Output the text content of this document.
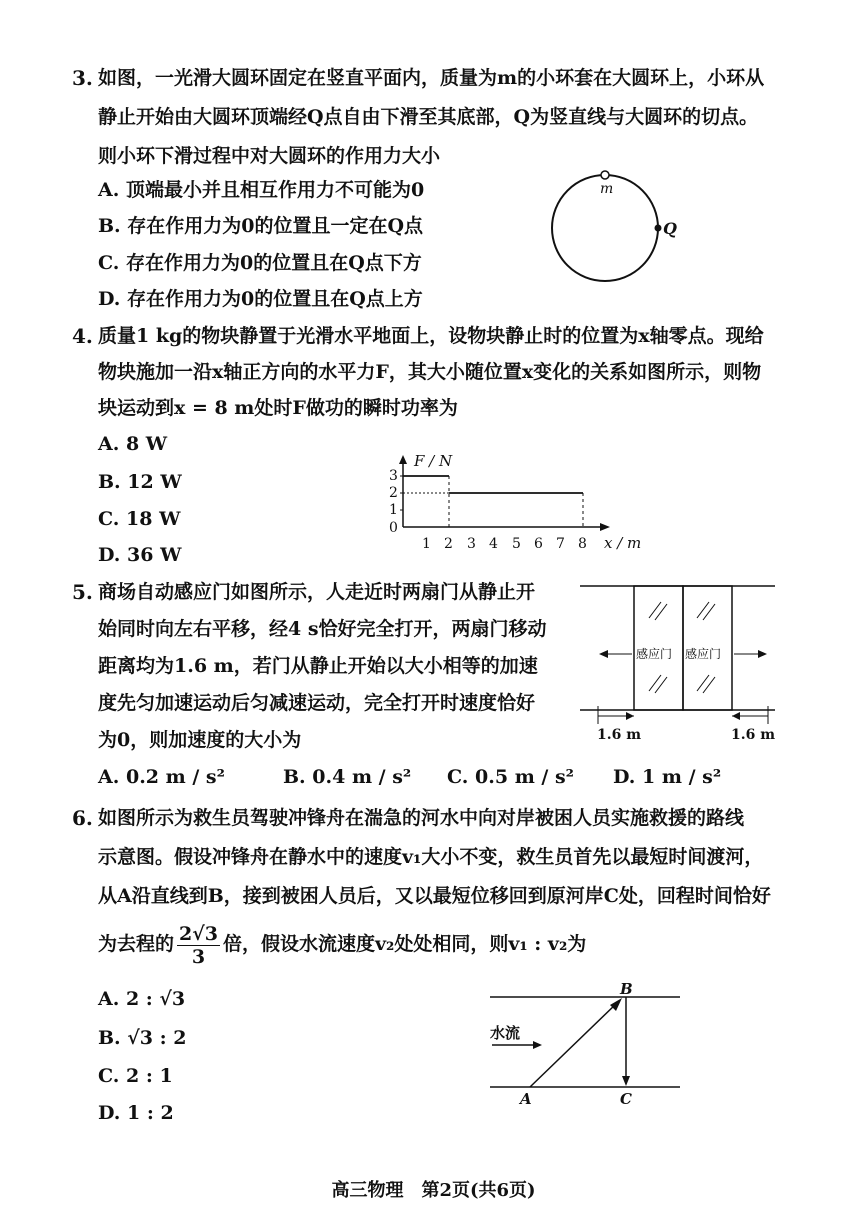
3. 如图，一光滑大圆环固定在竖直平面内，质量为m的小环套在大圆环上，小环从
静止开始由大圆环顶端经Q点自由下滑至其底部，Q为竖直线与大圆环的切点。
则小环下滑过程中对大圆环的作用力大小
A. 顶端最小并且相互作用力不可能为0
B. 存在作用力为0的位置且一定在Q点
C. 存在作用力为0的位置且在Q点下方
D. 存在作用力为0的位置且在Q点上方
m
Q
4. 质量1 kg的物块静置于光滑水平地面上，设物块静止时的位置为x轴零点。现给
物块施加一沿x轴正方向的水平力F，其大小随位置x变化的关系如图所示，则物
块运动到x = 8 m处时F做功的瞬时功率为
A. 8 W
B. 12 W
C. 18 W
D. 36 W
F / N
x / m
3
2
1
0
1 2 3 4 5 6 7 8
5. 商场自动感应门如图所示，人走近时两扇门从静止开
始同时向左右平移，经4 s恰好完全打开，两扇门移动
距离均为1.6 m，若门从静止开始以大小相等的加速
度先匀加速运动后匀减速运动，完全打开时速度恰好
为0，则加速度的大小为
A. 0.2 m / s²	B. 0.4 m / s² C. 0.5 m / s² D. 1 m / s²
感应门 感应门
1.6 m	1.6 m
6. 如图所示为救生员驾驶冲锋舟在湍急的河水中向对岸被困人员实施救援的路线
示意图。假设冲锋舟在静水中的速度v₁大小不变，救生员首先以最短时间渡河，
从A沿直线到B，接到被困人员后，又以最短位移回到原河岸C处，回程时间恰好
为去程的 $\frac{2√3}{3}$ 倍，假设水流速度v₂处处相同，则v₁ : v₂为
A. 2 : √3
B. √3 : 2
C. 2 : 1
D. 1 : 2
水流
A
B
C
高三物理　第2页(共6页)
